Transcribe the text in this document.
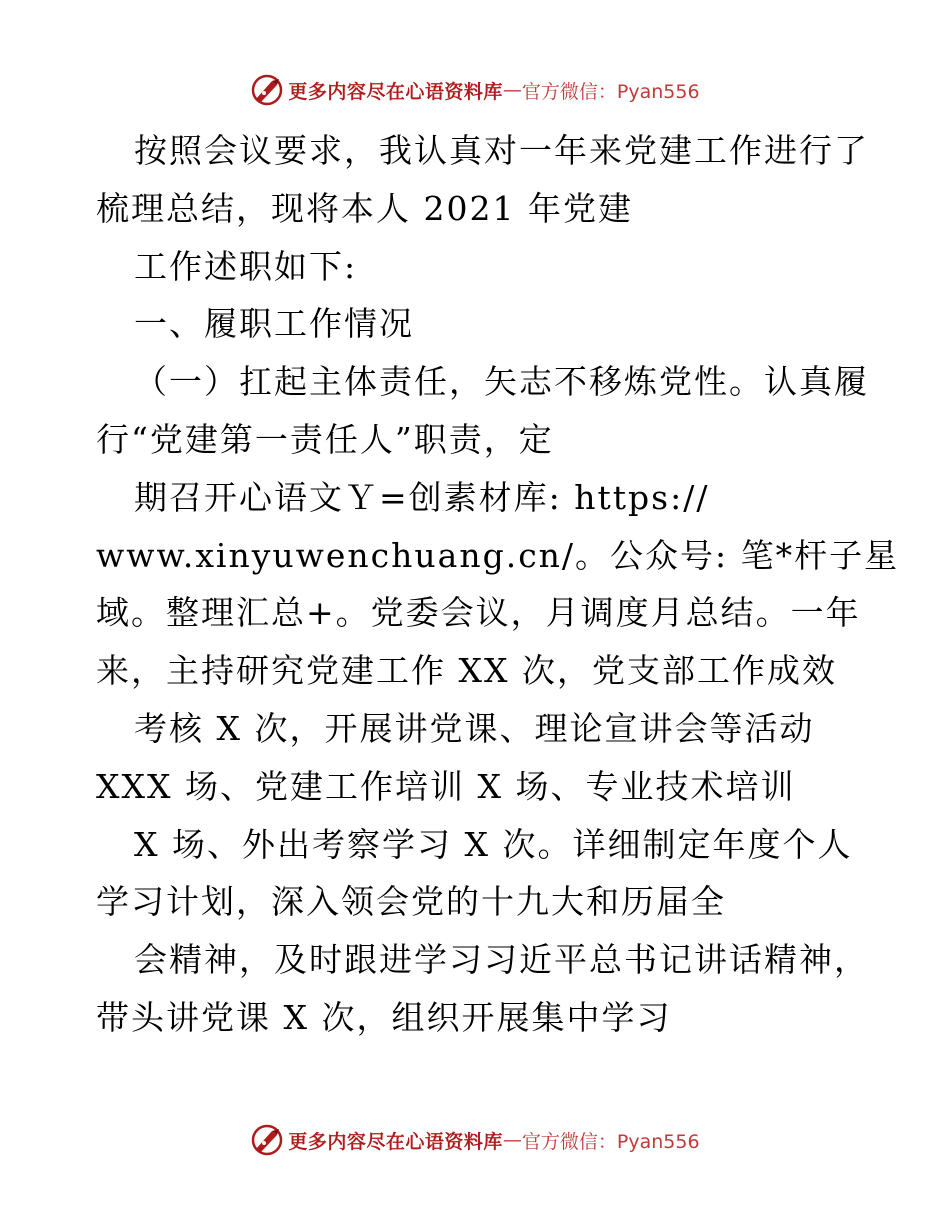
更多内容尽在心语资料库 — 官方微信：Pyan556
按照会议要求，我认真对一年来党建工作进行了
梳理总结，现将本人 2021 年党建
工作述职如下:
一、履职工作情况
（一）扛起主体责任，矢志不移炼党性。认真履
行“党建第一责任人”职责，定
期召开心语文Ｙ=创素材库: https://
www.xinyuwenchuang.cn/。公众号: 笔*杆子星
域。整理汇总+。党委会议，月调度月总结。一年
来，主持研究党建工作 XX 次，党支部工作成效
考核 X 次，开展讲党课、理论宣讲会等活动
XXX 场、党建工作培训 X 场、专业技术培训
X 场、外出考察学习 X 次。详细制定年度个人
学习计划，深入领会党的十九大和历届全
会精神，及时跟进学习习近平总书记讲话精神，
带头讲党课 X 次，组织开展集中学习
更多内容尽在心语资料库 — 官方微信：Pyan556
